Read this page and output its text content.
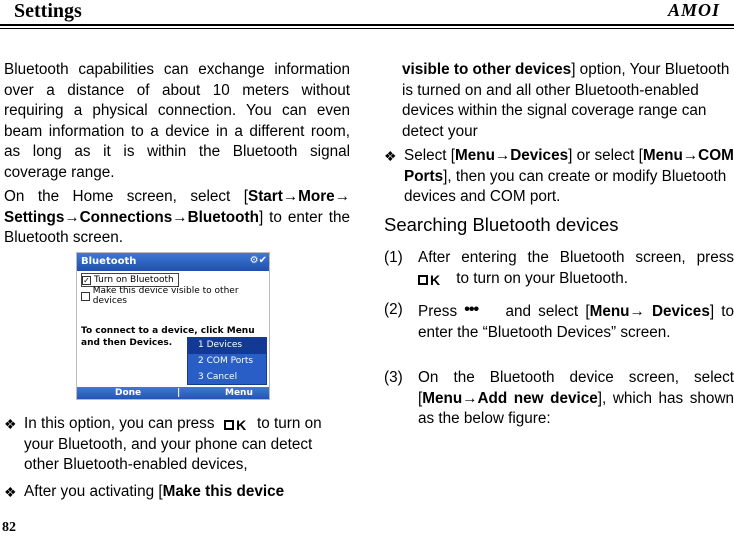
Settings	AMOI

Bluetooth capabilities can exchange information over a distance of about 10 meters without requiring a physical connection. You can even beam information to a device in a different room, as long as it is within the Bluetooth signal coverage range.

On the Home screen, select [Start→More→ Settings→Connections→Bluetooth] to enter the Bluetooth screen.

Bluetooth	⚙✔
✓ Turn on Bluetooth
Make this device visible to other devices
To connect to a device, click Menu and then Devices.	1 Devices
2 COM Ports
3 Cancel
Done	|	Menu
❖ In this option, you can press K to turn on your Bluetooth, and your phone can detect other Bluetooth-enabled devices,
❖ After you activating [Make this device
82
visible to other devices] option, Your Bluetooth is turned on and all other Bluetooth-enabled devices within the signal coverage range can detect your
❖ Select [Menu→Devices] or select [Menu→COM Ports], then you can create or modify Bluetooth devices and COM port.
Searching Bluetooth devices
(1) After entering the Bluetooth screen, press K to turn on your Bluetooth.
(2) Press ••• and select [Menu→ Devices] to enter the “Bluetooth Devices” screen.
(3) On the Bluetooth device screen, select [Menu→Add new device], which has shown as the below figure:
